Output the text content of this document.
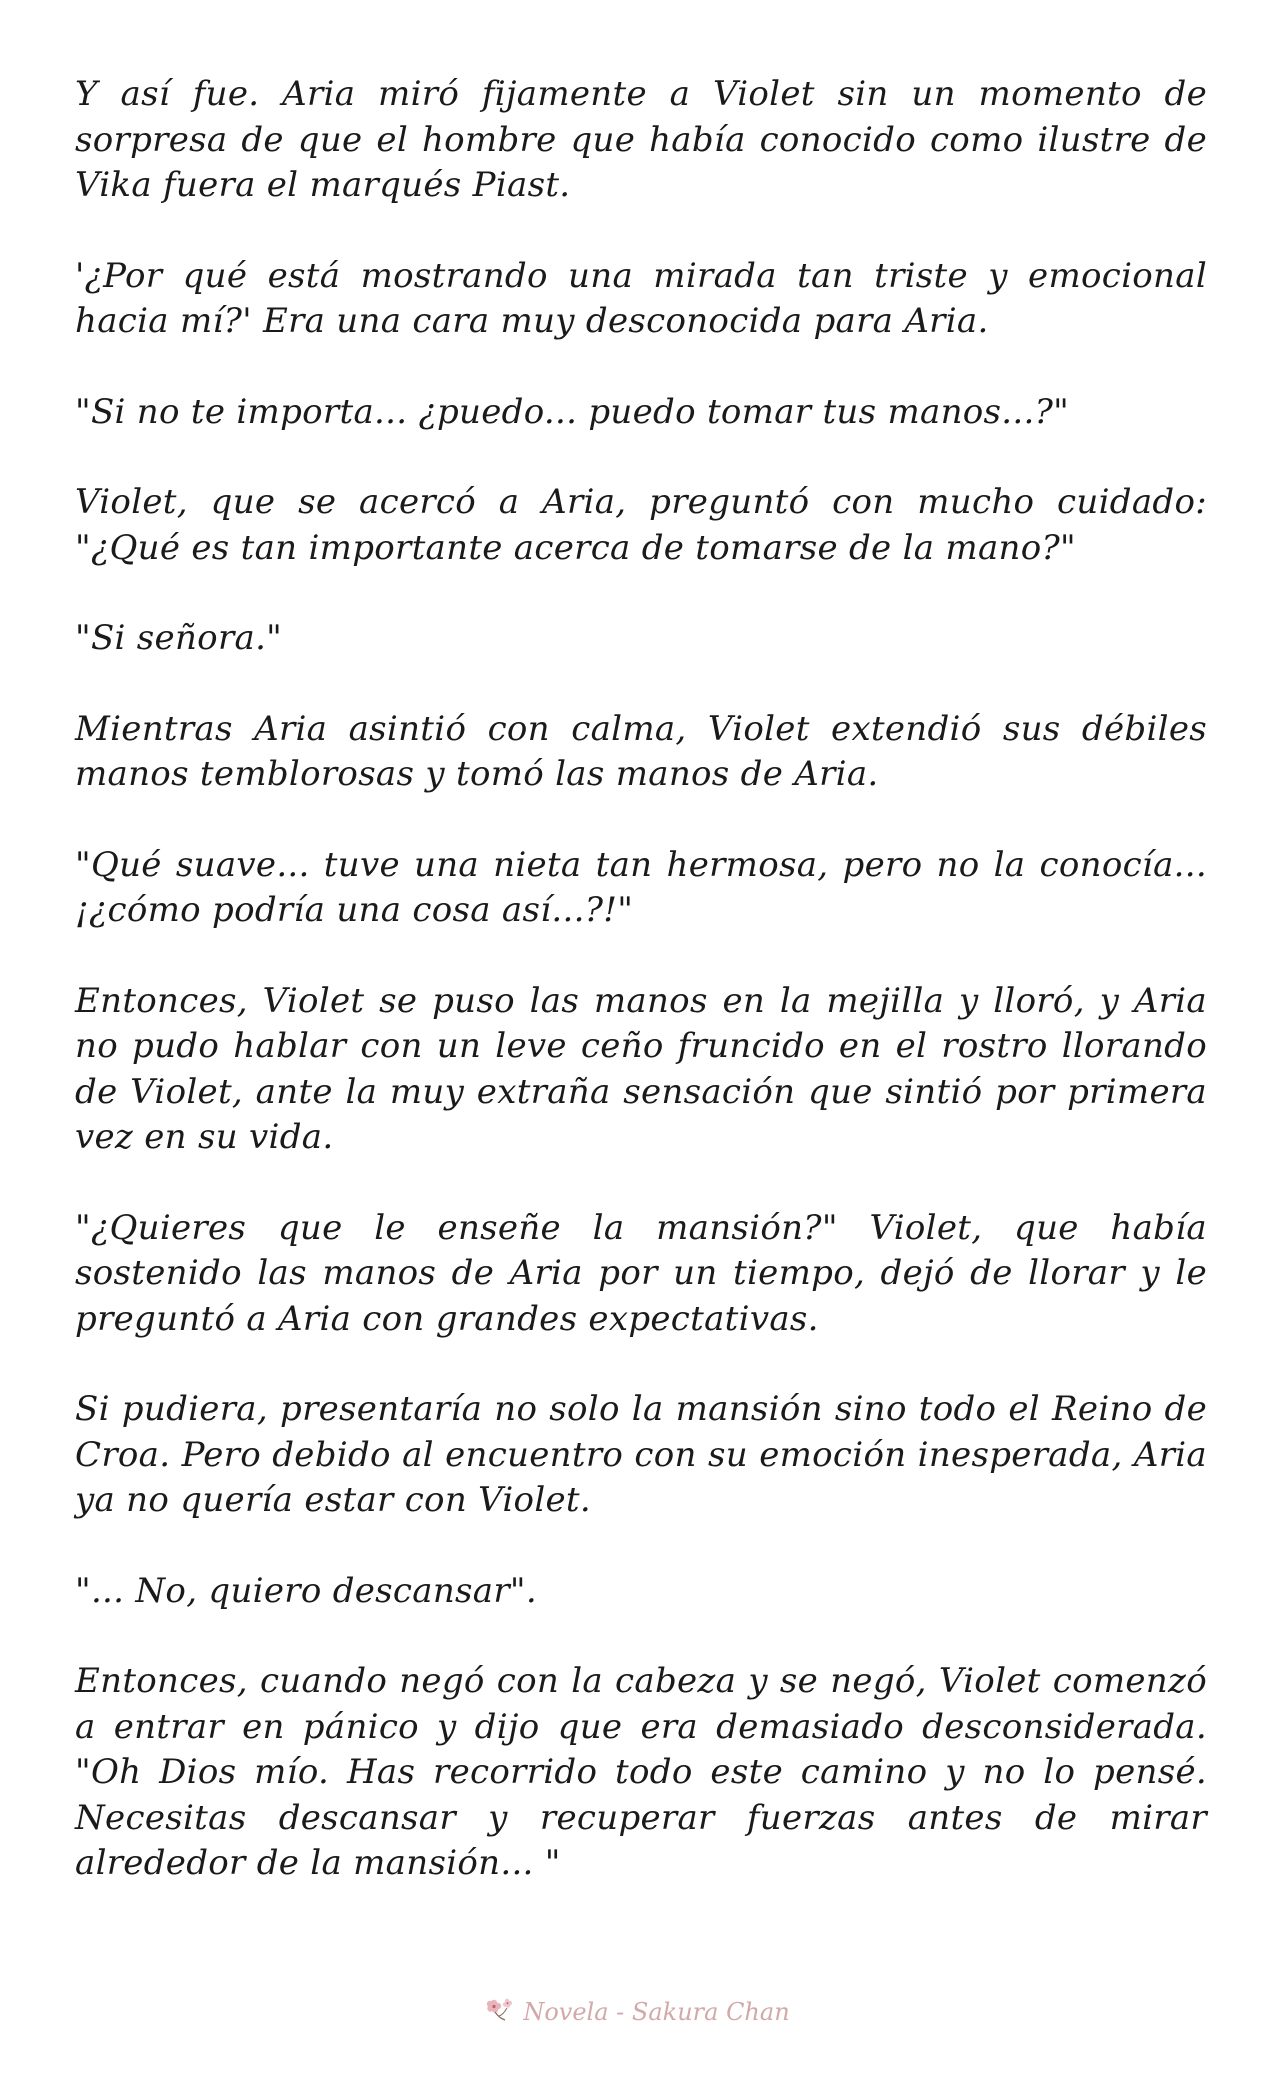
Y así fue. Aria miró fijamente a Violet sin un momento de sorpresa de que el hombre que había conocido como ilustre de Vika fuera el marqués Piast.

'¿Por qué está mostrando una mirada tan triste y emocional hacia mí?' Era una cara muy desconocida para Aria.

"Si no te importa... ¿puedo... puedo tomar tus manos...?"

Violet, que se acercó a Aria, preguntó con mucho cuidado: "¿Qué es tan importante acerca de tomarse de la mano?"

"Si señora."

Mientras Aria asintió con calma, Violet extendió sus débiles manos temblorosas y tomó las manos de Aria.

"Qué suave... tuve una nieta tan hermosa, pero no la conocía... ¡¿cómo podría una cosa así...?!"

Entonces, Violet se puso las manos en la mejilla y lloró, y Aria no pudo hablar con un leve ceño fruncido en el rostro llorando de Violet, ante la muy extraña sensación que sintió por primera vez en su vida.

"¿Quieres que le enseñe la mansión?" Violet, que había sostenido las manos de Aria por un tiempo, dejó de llorar y le preguntó a Aria con grandes expectativas.

Si pudiera, presentaría no solo la mansión sino todo el Reino de Croa. Pero debido al encuentro con su emoción inesperada, Aria ya no quería estar con Violet.

"... No, quiero descansar".

Entonces, cuando negó con la cabeza y se negó, Violet comenzó a entrar en pánico y dijo que era demasiado desconsiderada. "Oh Dios mío. Has recorrido todo este camino y no lo pensé. Necesitas descansar y recuperar fuerzas antes de mirar alrededor de la mansión... "

Novela - Sakura Chan
